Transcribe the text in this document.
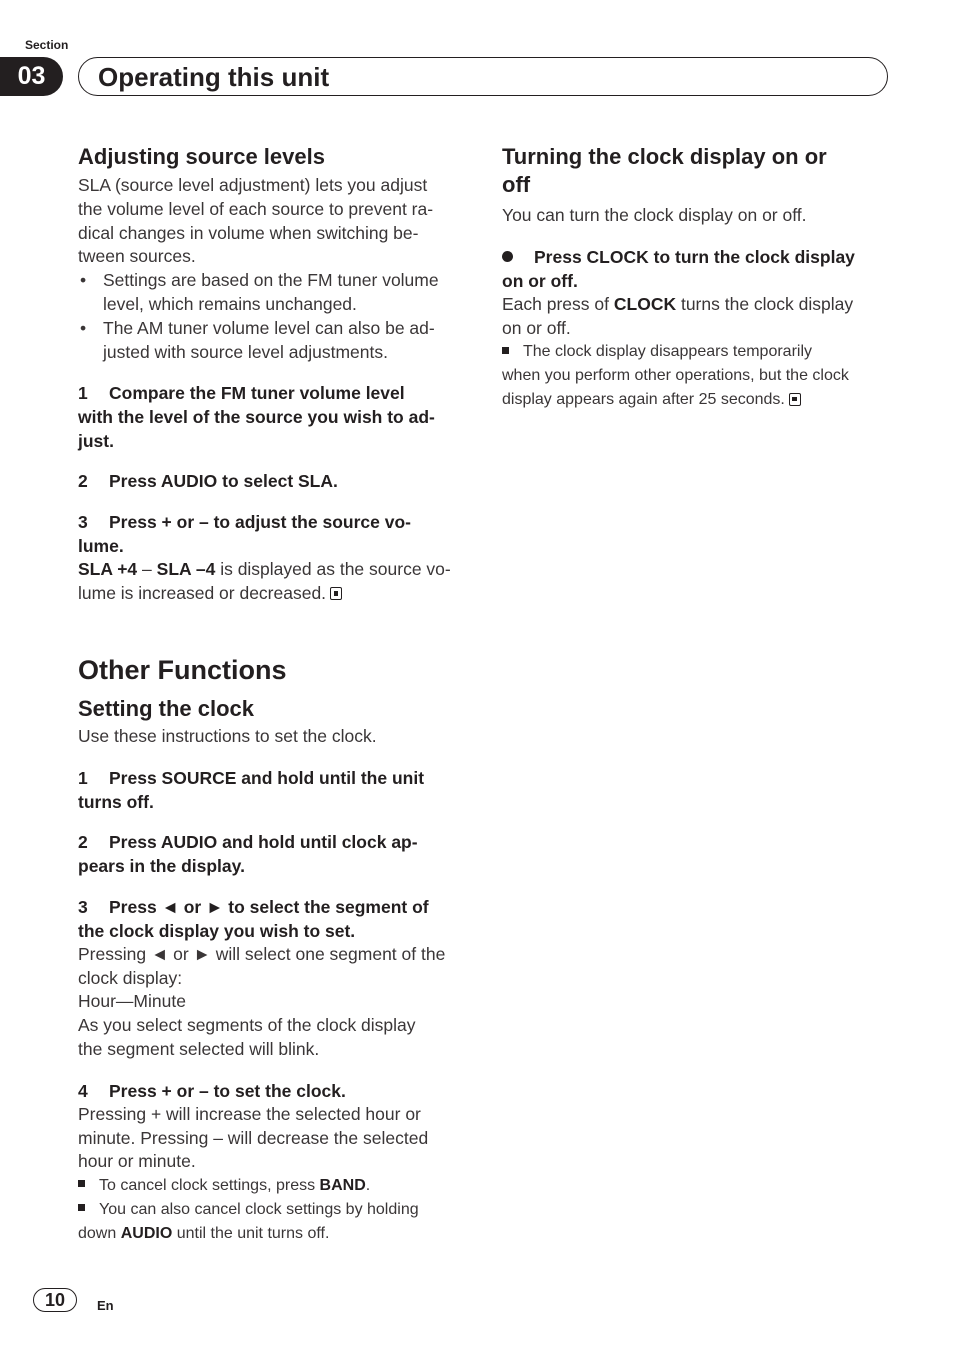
Section
03	Operating this unit
Adjusting source levels

SLA (source level adjustment) lets you adjust

the volume level of each source to prevent ra-

dical changes in volume when switching be-

tween sources.

• Settings are based on the FM tuner volume

level, which remains unchanged.

• The AM tuner volume level can also be ad-

justed with source level adjustments.

1 Compare the FM tuner volume level

with the level of the source you wish to ad-

just.

2 Press AUDIO to select SLA.

3 Press + or – to adjust the source vo-

lume.

SLA +4 – SLA –4 is displayed as the source vo-

lume is increased or decreased.

Other Functions
Setting the clock

Use these instructions to set the clock.

1 Press SOURCE and hold until the unit

turns off.

2 Press AUDIO and hold until clock ap-

pears in the display.

3 Press ◄ or ► to select the segment of

the clock display you wish to set.

Pressing ◄ or ► will select one segment of the

clock display:

Hour—Minute

As you select segments of the clock display

the segment selected will blink.

4 Press + or – to set the clock.

Pressing + will increase the selected hour or

minute. Pressing – will decrease the selected

hour or minute.

To cancel clock settings, press BAND.

You can also cancel clock settings by holding

down AUDIO until the unit turns off.

Turning the clock display on or
off

You can turn the clock display on or off.

Press CLOCK to turn the clock display

on or off.

Each press of CLOCK turns the clock display

on or off.

The clock display disappears temporarily

when you perform other operations, but the clock

display appears again after 25 seconds.

10	En
